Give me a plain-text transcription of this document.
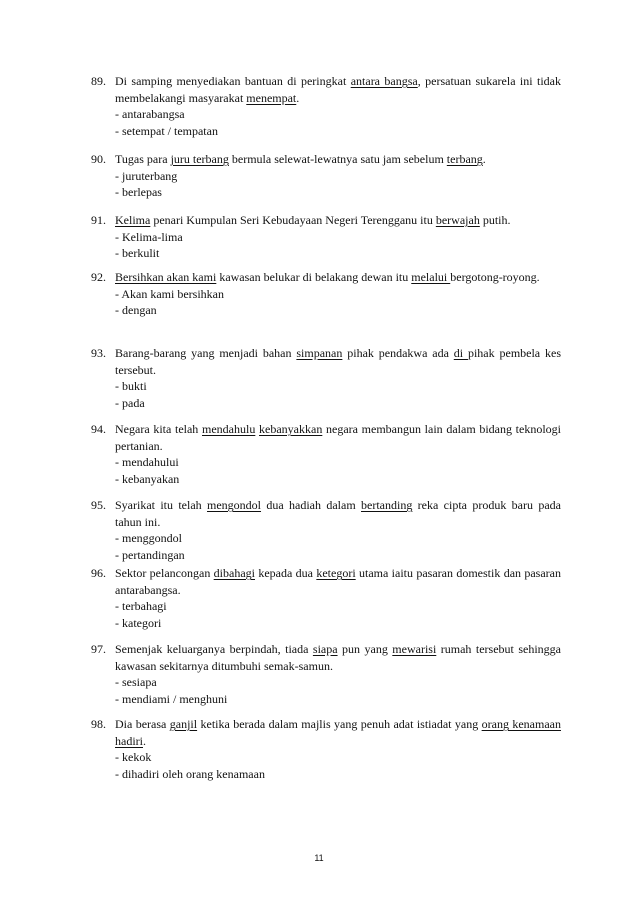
89. Di samping menyediakan bantuan di peringkat antara bangsa, persatuan sukarela ini tidak membelakangi masyarakat menempat.
- antarabangsa
- setempat / tempatan
90. Tugas para juru terbang bermula selewat-lewatnya satu jam sebelum terbang.
- juruterbang
- berlepas
91. Kelima penari Kumpulan Seri Kebudayaan Negeri Terengganu itu berwajah putih.
- Kelima-lima
- berkulit
92. Bersihkan akan kami kawasan belukar di belakang dewan itu melalui bergotong-royong.
- Akan kami bersihkan
- dengan
93. Barang-barang yang menjadi bahan simpanan pihak pendakwa ada di pihak pembela kes tersebut.
- bukti
- pada
94. Negara kita telah mendahulu kebanyakkan negara membangun lain dalam bidang teknologi pertanian.
- mendahului
- kebanyakan
95. Syarikat itu telah mengondol dua hadiah dalam bertanding reka cipta produk baru pada tahun ini.
- menggondol
- pertandingan
96. Sektor pelancongan dibahagi kepada dua ketegori utama iaitu pasaran domestik dan pasaran antarabangsa.
- terbahagi
- kategori
97. Semenjak keluarganya berpindah, tiada siapa pun yang mewarisi rumah tersebut sehingga kawasan sekitarnya ditumbuhi semak-samun.
- sesiapa
- mendiami / menghuni
98. Dia berasa ganjil ketika berada dalam majlis yang penuh adat istiadat yang orang kenamaan hadiri.
- kekok
- dihadiri oleh orang kenamaan
11
